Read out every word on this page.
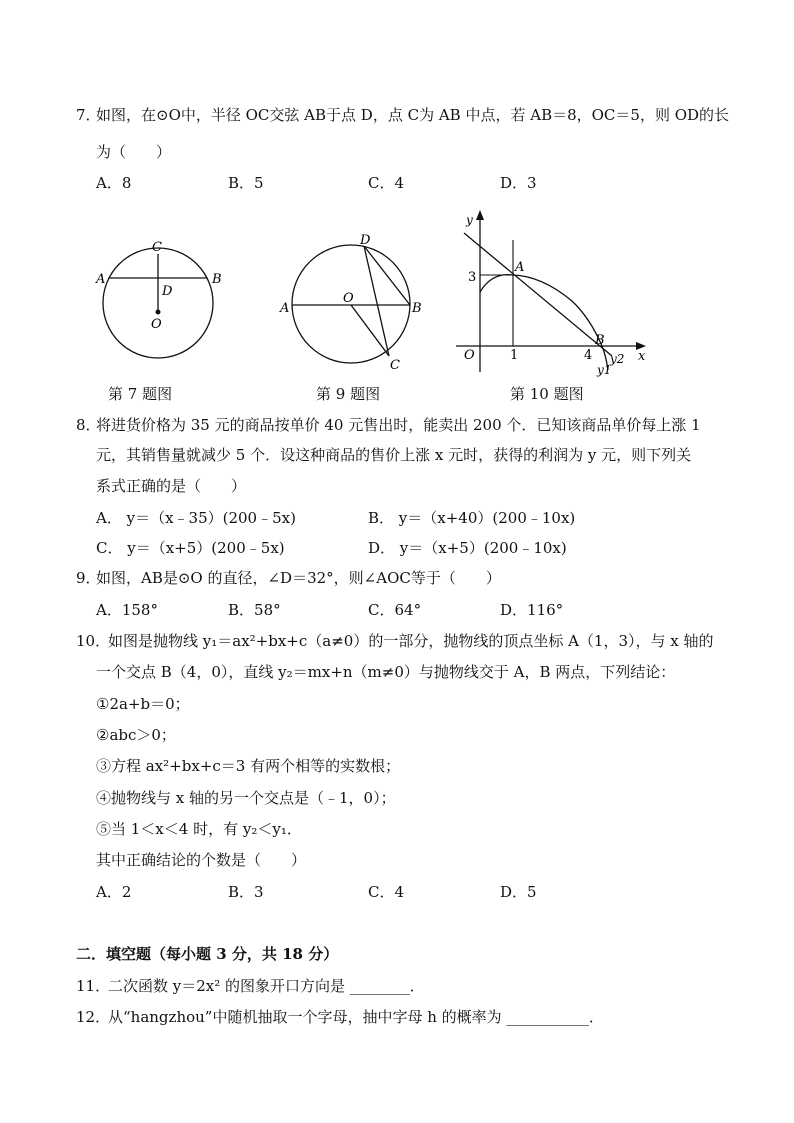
7．
如图，在⊙O中，半径 OC交弦 AB于点 D，点 C为 AB 中点，若 AB＝8，OC＝5，则 OD的长
为（　　）
A．8	B．5	C．4	D．3
C
A	B
D
O
第 7 题图
D
A	B
O
C
第 9 题图
y
x
O
3
1	4
A
B
y2
y1
第 10 题图
8．
将进货价格为 35 元的商品按单价 40 元售出时，能卖出 200 个．已知该商品单价每上涨 1
元，其销售量就减少 5 个．设这种商品的售价上涨 x 元时，获得的利润为 y 元，则下列关
系式正确的是（　　）
A． y＝（x﹣35）(200﹣5x)	B． y＝（x+40）(200﹣10x)
C． y＝（x+5）(200﹣5x)	D． y＝（x+5）(200﹣10x)
9．
如图，AB是⊙O 的直径，∠D＝32°，则∠AOC等于（　　）
A．158°	B．58°	C．64°	D．116°
10．
如图是抛物线 y₁＝ax²+bx+c（a≠0）的一部分，抛物线的顶点坐标 A（1，3），与 x 轴的
一个交点 B（4，0），直线 y₂＝mx+n（m≠0）与抛物线交于 A，B 两点，下列结论：
①2a+b＝0；
②abc＞0；
③方程 ax²+bx+c＝3 有两个相等的实数根；
④抛物线与 x 轴的另一个交点是（﹣1，0）；
⑤当 1＜x＜4 时，有 y₂＜y₁．
其中正确结论的个数是（　　）
A．2	B．3	C．4	D．5
二．填空题（每小题 3 分，共 18 分）
11．
二次函数 y＝2x² 的图象开口方向是 ________．
12．
从“hangzhou”中随机抽取一个字母，抽中字母 h 的概率为 ___________．
